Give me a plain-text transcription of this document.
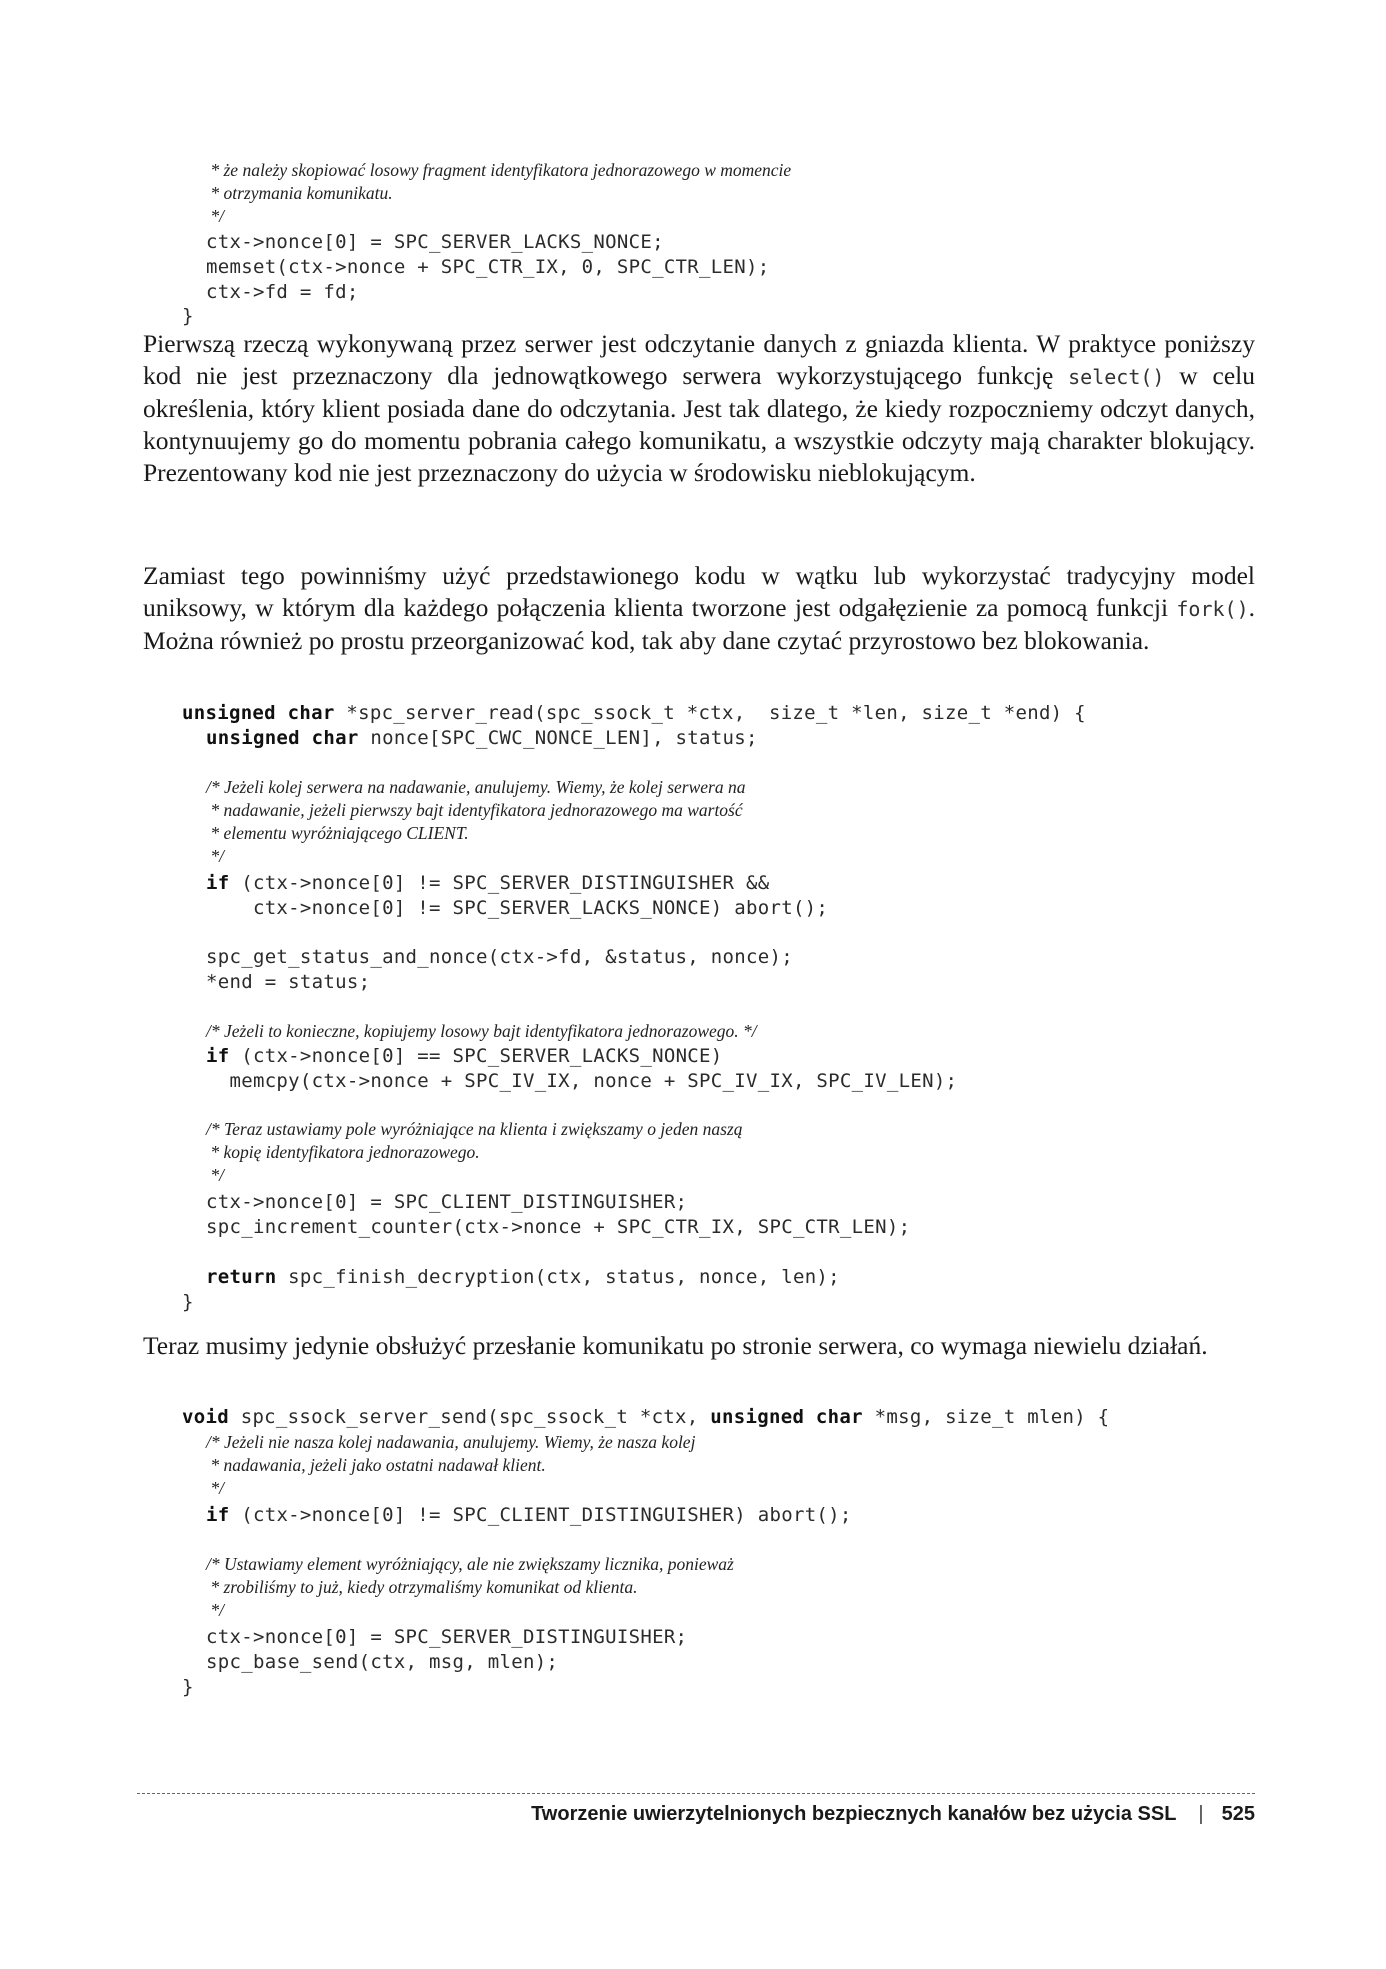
* że należy skopiować losowy fragment identyfikatora jednorazowego w momencie
* otrzymania komunikatu.
*/
ctx->nonce[0] = SPC_SERVER_LACKS_NONCE;
memset(ctx->nonce + SPC_CTR_IX, 0, SPC_CTR_LEN);
ctx->fd = fd;
}

Pierwszą rzeczą wykonywaną przez serwer jest odczytanie danych z gniazda klienta. W praktyce poniższy kod nie jest przeznaczony dla jednowątkowego serwera wykorzystującego funkcję select() w celu określenia, który klient posiada dane do odczytania. Jest tak dlatego, że kiedy rozpoczniemy odczyt danych, kontynuujemy go do momentu pobrania całego komunikatu, a wszystkie odczyty mają charakter blokujący. Prezentowany kod nie jest przeznaczony do użycia w środowisku nieblokującym.

Zamiast tego powinniśmy użyć przedstawionego kodu w wątku lub wykorzystać tradycyjny model uniksowy, w którym dla każdego połączenia klienta tworzone jest odgałęzienie za pomocą funkcji fork(). Można również po prostu przeorganizować kod, tak aby dane czytać przyrostowo bez blokowania.

unsigned char *spc_server_read(spc_ssock_t *ctx,  size_t *len, size_t *end) {
unsigned char nonce[SPC_CWC_NONCE_LEN], status;
/* Jeżeli kolej serwera na nadawanie, anulujemy. Wiemy, że kolej serwera na
* nadawanie, jeżeli pierwszy bajt identyfikatora jednorazowego ma wartość
* elementu wyróżniającego CLIENT.
*/
if (ctx->nonce[0] != SPC_SERVER_DISTINGUISHER &&
ctx->nonce[0] != SPC_SERVER_LACKS_NONCE) abort();
spc_get_status_and_nonce(ctx->fd, &status, nonce);
*end = status;
/* Jeżeli to konieczne, kopiujemy losowy bajt identyfikatora jednorazowego. */
if (ctx->nonce[0] == SPC_SERVER_LACKS_NONCE)
memcpy(ctx->nonce + SPC_IV_IX, nonce + SPC_IV_IX, SPC_IV_LEN);
/* Teraz ustawiamy pole wyróżniające na klienta i zwiększamy o jeden naszą
* kopię identyfikatora jednorazowego.
*/
ctx->nonce[0] = SPC_CLIENT_DISTINGUISHER;
spc_increment_counter(ctx->nonce + SPC_CTR_IX, SPC_CTR_LEN);
return spc_finish_decryption(ctx, status, nonce, len);
}

Teraz musimy jedynie obsłużyć przesłanie komunikatu po stronie serwera, co wymaga niewielu działań.

void spc_ssock_server_send(spc_ssock_t *ctx, unsigned char *msg, size_t mlen) {
/* Jeżeli nie nasza kolej nadawania, anulujemy. Wiemy, że nasza kolej
* nadawania, jeżeli jako ostatni nadawał klient.
*/
if (ctx->nonce[0] != SPC_CLIENT_DISTINGUISHER) abort();
/* Ustawiamy element wyróżniający, ale nie zwiększamy licznika, ponieważ
* zrobiliśmy to już, kiedy otrzymaliśmy komunikat od klienta.
*/
ctx->nonce[0] = SPC_SERVER_DISTINGUISHER;
spc_base_send(ctx, msg, mlen);
}
Tworzenie uwierzytelnionych bezpiecznych kanałów bez użycia SSL | 525
